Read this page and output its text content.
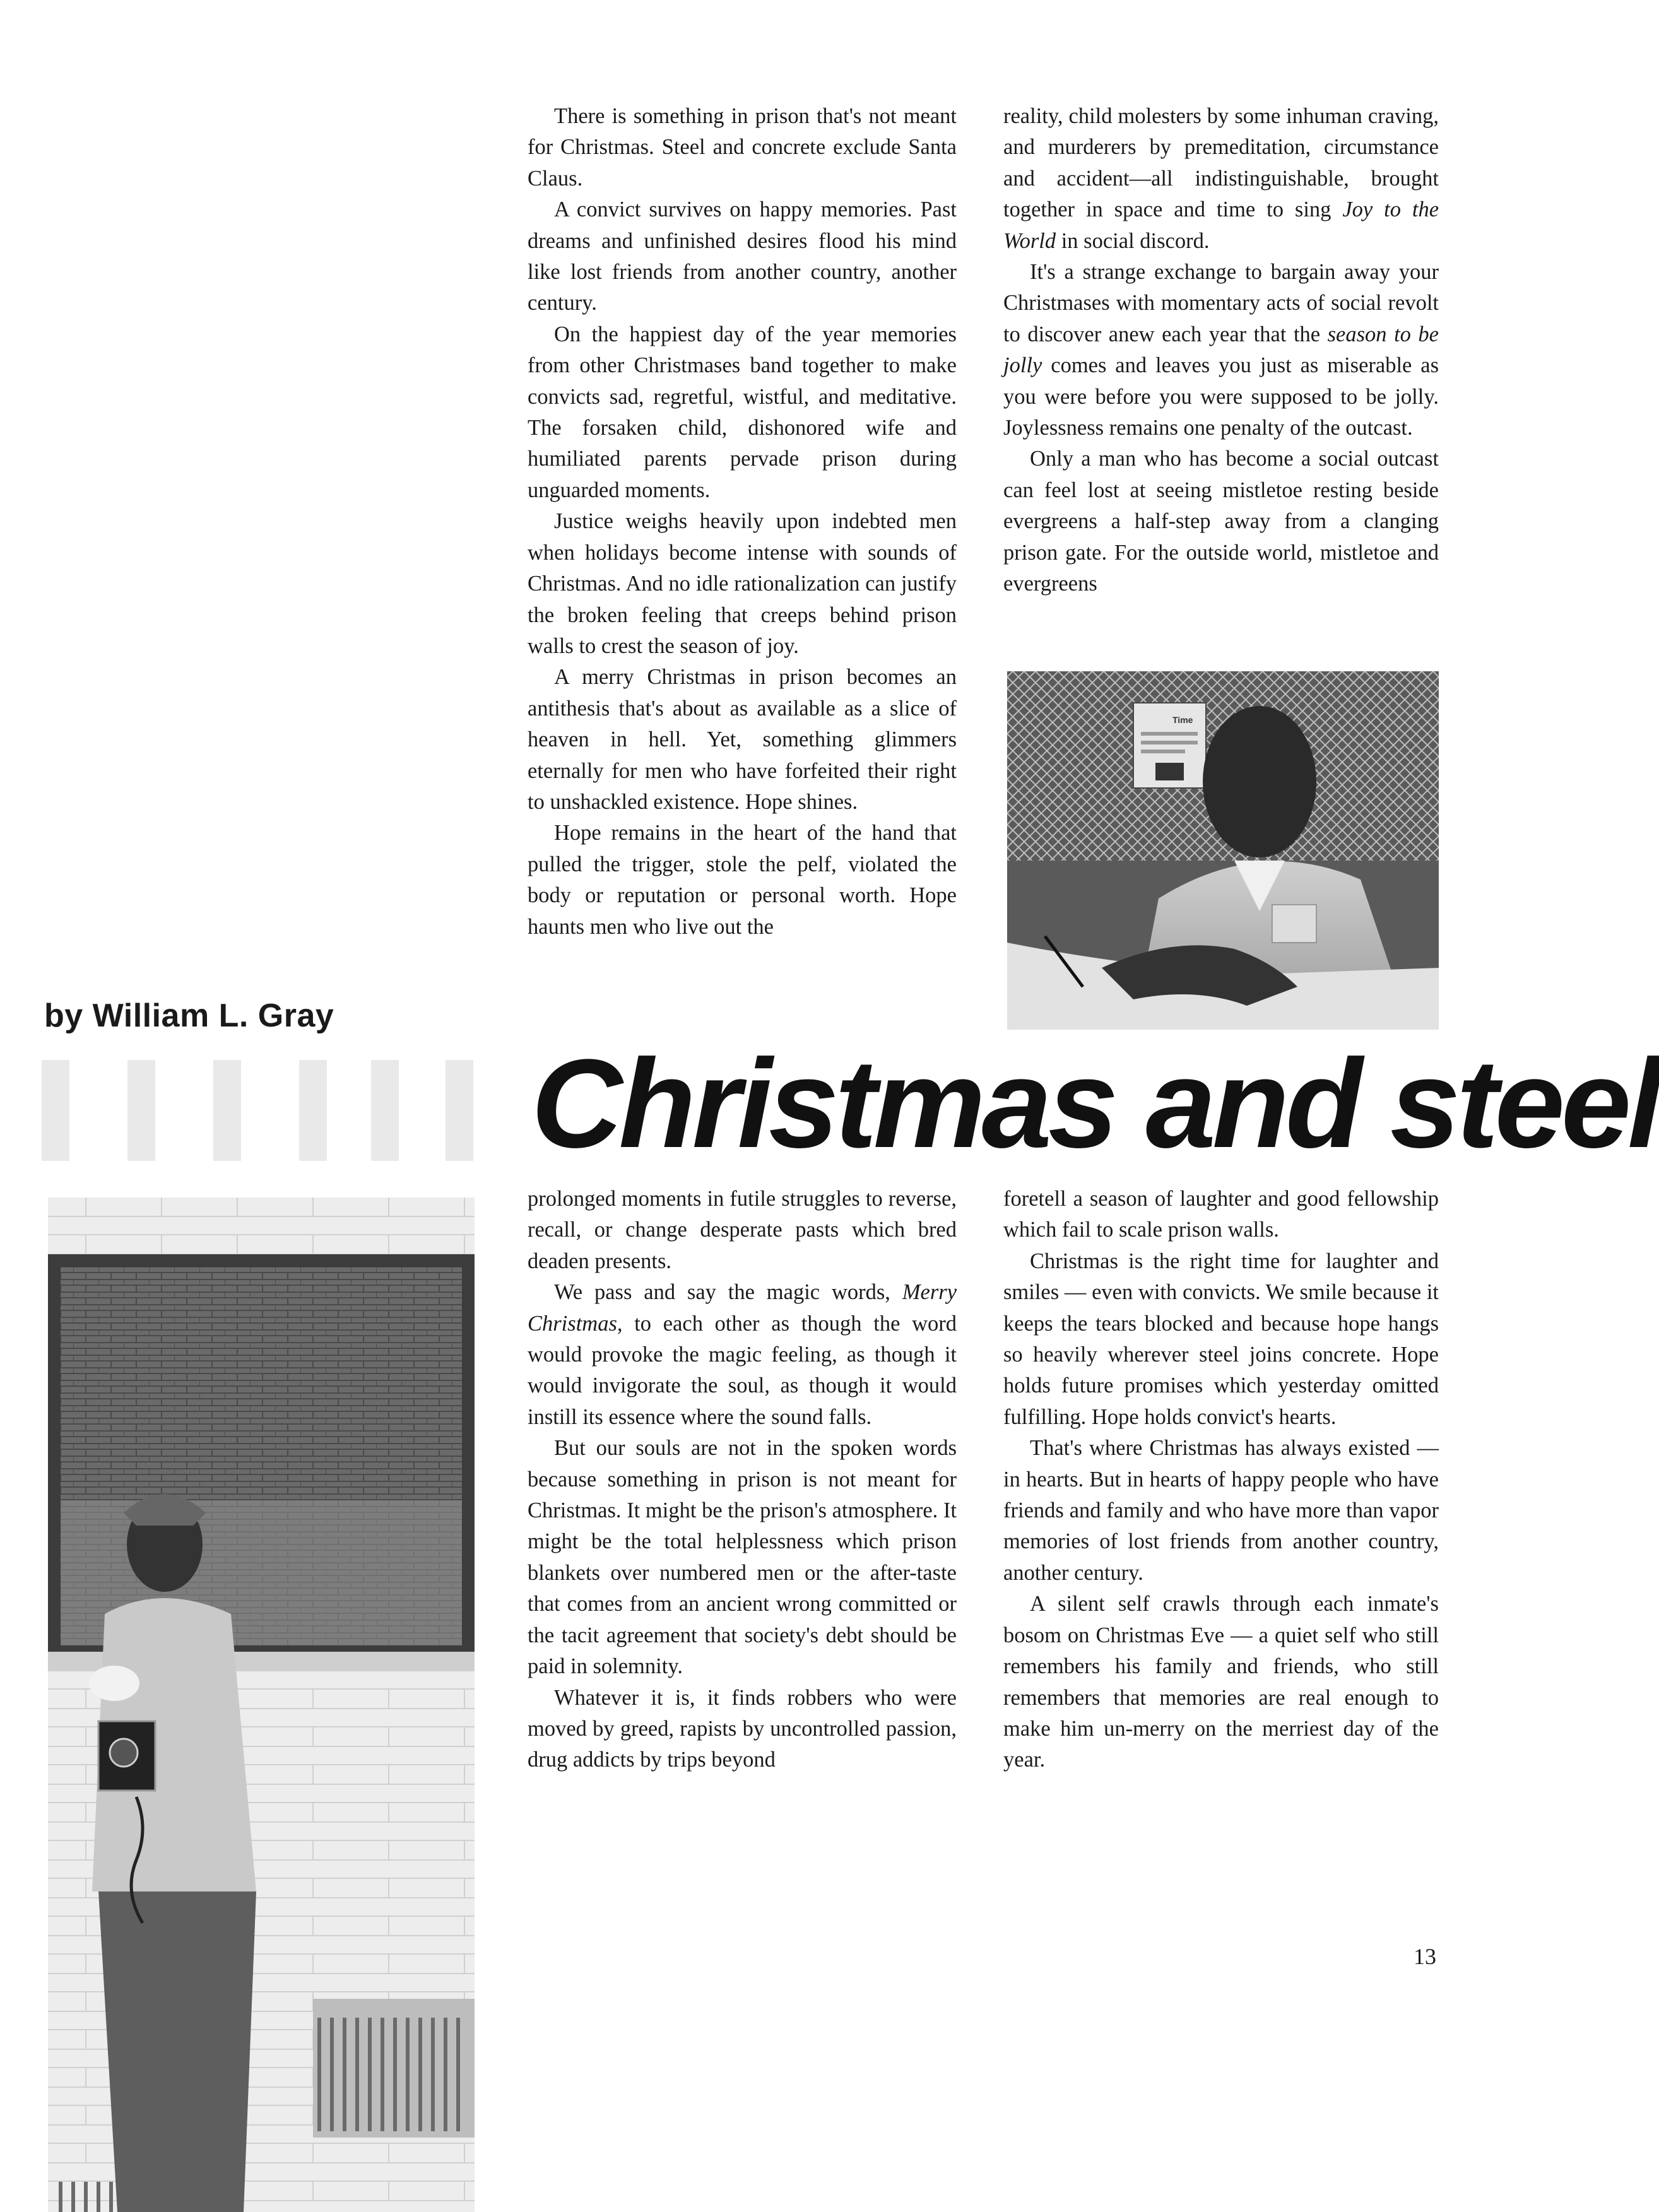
by William L. Gray
Christmas and steel

There is something in prison that's not meant for Christmas. Steel and concrete exclude Santa Claus.

A convict survives on happy memories. Past dreams and unfinished desires flood his mind like lost friends from another country, another century.

On the happiest day of the year memories from other Christmases band together to make convicts sad, regretful, wistful, and meditative. The forsaken child, dishonored wife and humiliated parents pervade prison during unguarded moments.

Justice weighs heavily upon indebted men when holidays become intense with sounds of Christmas. And no idle rationalization can justify the broken feeling that creeps behind prison walls to crest the season of joy.

A merry Christmas in prison becomes an antithesis that's about as available as a slice of heaven in hell. Yet, something glimmers eternally for men who have forfeited their right to unshackled existence. Hope shines.

Hope remains in the heart of the hand that pulled the trigger, stole the pelf, violated the body or reputation or personal worth. Hope haunts men who live out the

reality, child molesters by some inhuman craving, and murderers by premeditation, circumstance and accident—all indistinguishable, brought together in space and time to sing Joy to the World in social discord.

It's a strange exchange to bargain away your Christmases with momentary acts of social revolt to discover anew each year that the season to be jolly comes and leaves you just as miserable as you were before you were supposed to be jolly. Joylessness remains one penalty of the outcast.

Only a man who has become a social outcast can feel lost at seeing mistletoe resting beside evergreens a half-step away from a clanging prison gate. For the outside world, mistletoe and evergreens

Time

prolonged moments in futile struggles to reverse, recall, or change desperate pasts which bred deaden presents.

We pass and say the magic words, Merry Christmas, to each other as though the word would provoke the magic feeling, as though it would invigorate the soul, as though it would instill its essence where the sound falls.

But our souls are not in the spoken words because something in prison is not meant for Christmas. It might be the prison's atmosphere. It might be the total helplessness which prison blankets over numbered men or the after-taste that comes from an ancient wrong committed or the tacit agreement that society's debt should be paid in solemnity.

Whatever it is, it finds robbers who were moved by greed, rapists by uncontrolled passion, drug addicts by trips beyond

foretell a season of laughter and good fellowship which fail to scale prison walls.

Christmas is the right time for laughter and smiles — even with convicts. We smile because it keeps the tears blocked and because hope hangs so heavily wherever steel joins concrete. Hope holds future promises which yesterday omitted fulfilling. Hope holds convict's hearts.

That's where Christmas has always existed — in hearts. But in hearts of happy people who have friends and family and who have more than vapor memories of lost friends from another country, another century.

A silent self crawls through each inmate's bosom on Christmas Eve — a quiet self who still remembers his family and friends, who still remembers that memories are real enough to make him un-merry on the merriest day of the year.

13
